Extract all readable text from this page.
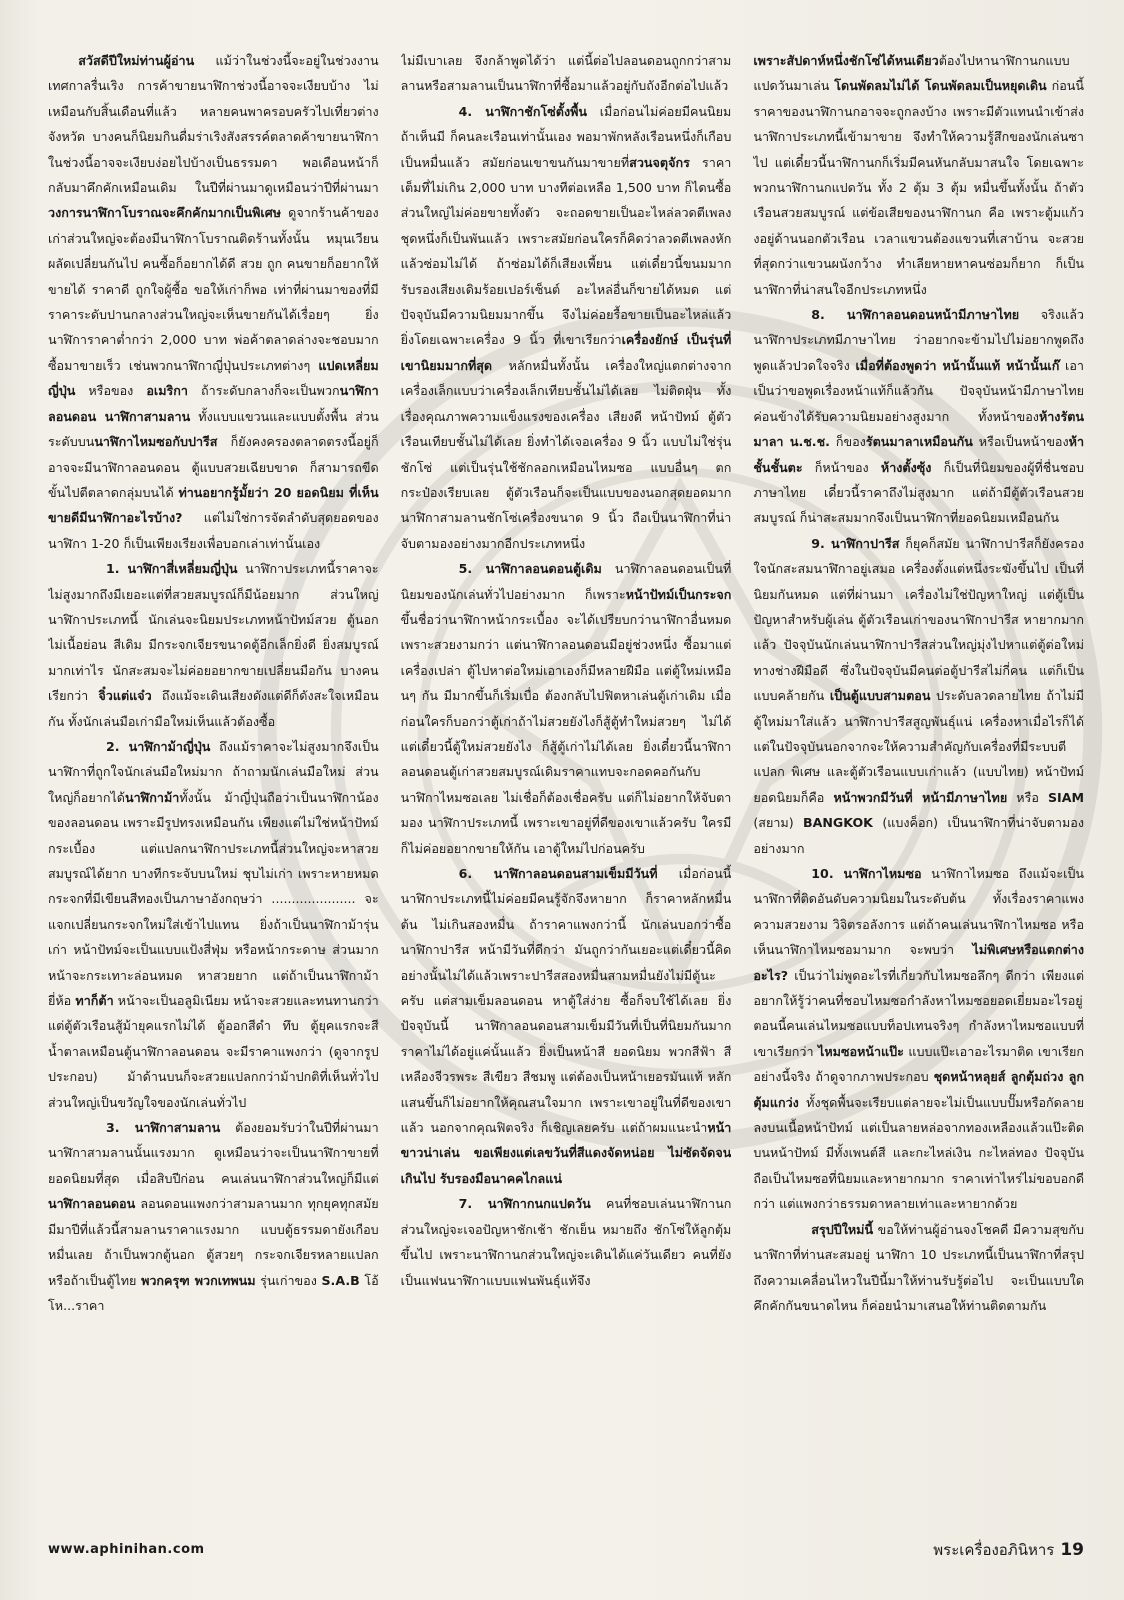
สวัสดีปีใหม่ท่านผู้อ่าน แม้ว่าในช่วงนี้จะอยู่ในช่วงงานเทศกาลรื่นเริง การค้าขายนาฬิกาช่วงนี้อาจจะเงียบบ้าง ไม่เหมือนกับสิ้นเดือนที่แล้ว หลายคนพาครอบครัวไปเที่ยวต่างจังหวัด บางคนก็นิยมกินดื่มร่าเริงสังสรรค์ตลาดค้าขายนาฬิกาในช่วงนี้อาจจะเงียบง่อยไปบ้างเป็นธรรมดา พอเดือนหน้าก็กลับมาคึกคักเหมือนเดิม ในปีที่ผ่านมาดูเหมือนว่าปีที่ผ่านมา วงการนาฬิกาโบราณจะคึกคักมากเป็นพิเศษ ดูจากร้านค้าของเก่าส่วนใหญ่จะต้องมีนาฬิกาโบราณติดร้านทั้งนั้น หมุนเวียนผลัดเปลี่ยนกันไป คนซื้อก็อยากได้ดี สวย ถูก คนขายก็อยากให้ขายได้ ราคาดี ถูกใจผู้ซื้อ ขอให้เก่าก็พอ เท่าที่ผ่านมาของที่มีราคาระดับปานกลางส่วนใหญ่จะเห็นขายกันได้เรื่อยๆ ยิ่งนาฬิการาคาต่ำกว่า 2,000 บาท พ่อค้าตลาดล่างจะชอบมาก ซื้อมาขายเร็ว เช่นพวกนาฬิกาญี่ปุ่นประเภทต่างๆ แปดเหลี่ยมญี่ปุ่น หรือของ อเมริกา ถ้าระดับกลางก็จะเป็นพวกนาฬิกาลอนดอน นาฬิกาสามลาน ทั้งแบบแขวนและแบบตั้งพื้น ส่วนระดับบนนาฬิกาไหมซอกับปารีส ก็ยังคงครองตลาดตรงนี้อยู่ก็อาจจะมีนาฬิกาลอนดอน ตู้แบบสวยเฉียบขาด ก็สามารถขีดขั้นไปตีตลาดกลุ่มบนได้ ท่านอยากรู้มั้ยว่า 20 ยอดนิยม ที่เห็นขายดีมีนาฬิกาอะไรบ้าง? แต่ไม่ใช่การจัดลำดับสุดยอดของนาฬิกา 1-20 ก็เป็นเพียงเรียงเพื่อบอกเล่าเท่านั้นเอง

1. นาฬิกาสี่เหลี่ยมญี่ปุ่น นาฬิกาประเภทนี้ราคาจะไม่สูงมากถึงมีเยอะแต่ที่สวยสมบูรณ์ก็มีน้อยมาก ส่วนใหญ่นาฬิกาประเภทนี้ นักเล่นจะนิยมประเภทหน้าปัทม์สวย ตู้นอก ไม่เนื้อย่อน สีเดิม มีกระจกเจียรขนาดตู้อีกเล็กยิ่งดี ยิ่งสมบูรณ์มากเท่าไร นักสะสมจะไม่ค่อยอยากขายเปลี่ยนมือกัน บางคนเรียกว่า จิ๋วแต่แจ๋ว ถึงแม้จะเดินเสียงดังแต่ดีก็ดังสะใจเหมือนกัน ทั้งนักเล่นมือเก่ามือใหม่เห็นแล้วต้องซื้อ

2. นาฬิกาม้าญี่ปุ่น ถึงแม้ราคาจะไม่สูงมากจึงเป็นนาฬิกาที่ถูกใจนักเล่นมือใหม่มาก ถ้าถามนักเล่นมือใหม่ ส่วนใหญ่ก็อยากได้นาฬิกาม้าทั้งนั้น ม้าญี่ปุ่นถือว่าเป็นนาฬิกาน้องของลอนดอน เพราะมีรูปทรงเหมือนกัน เพียงแต่ไม่ใช่หน้าปัทม์กระเบื้อง แต่แปลกนาฬิกาประเภทนี้ส่วนใหญ่จะหาสวยสมบูรณ์ได้ยาก บางทีกระจับบนใหม่ ชุบไม่เก่า เพราะหายหมด กระจกที่มีเขียนสีทองเป็นภาษาอังกฤษว่า ..................... จะแจกเปลี่ยนกระจกใหม่ใส่เข้าไปแทน ยิ่งถ้าเป็นนาฬิกาม้ารุ่นเก่า หน้าปัทม์จะเป็นแบบแป้งสี่ฟุ่ม หรือหน้ากระดาษ ส่วนมากหน้าจะกระเทาะล่อนหมด หาสวยยาก แต่ถ้าเป็นนาฬิกาม้ายี่ห้อ ทาก็ต้า หน้าจะเป็นอลูมิเนียม หน้าจะสวยและทนทานกว่า แต่ตู้ตัวเรือนสู้ม้ายุคแรกไม่ได้ ตู้ออกสีดำ ทึบ ตู้ยุคแรกจะสีน้ำตาลเหมือนตู้นาฬิกาลอนดอน จะมีราคาแพงกว่า (ดูจากรูปประกอบ) ม้าด้านบนก็จะสวยแปลกกว่าม้าปกติที่เห็นทั่วไป ส่วนใหญ่เป็นขวัญใจของนักเล่นทั่วไป

3. นาฬิกาสามลาน ต้องยอมรับว่าในปีที่ผ่านมา นาฬิกาสามลานนั้นแรงมาก ดูเหมือนว่าจะเป็นนาฬิกาขายที่ยอดนิยมที่สุด เมื่อสิบปีก่อน คนเล่นนาฬิกาส่วนใหญ่ก็มีแต่นาฬิกาลอนดอน ลอนดอนแพงกว่าสามลานมาก ทุกยุคทุกสมัย มีมาปีที่แล้วนี้สามลานราคาแรงมาก แบบตู้ธรรมดายังเกือบหมื่นเลย ถ้าเป็นพวกตู้นอก ตู้สวยๆ กระจกเจียรหลายแปลก หรือถ้าเป็นตู้ไทย พวกครุฑ พวกเทพนม รุ่นเก่าของ S.A.B โอ้โห...ราคา

ไม่มีเบาเลย จึงกล้าพูดได้ว่า แต่นี้ต่อไปลอนดอนถูกกว่าสามลานหรือสามลานเป็นนาฬิกาที่ซื้อมาแล้วอยู่กับถังอีกต่อไปแล้ว

4. นาฬิกาชักโซ่ตั้งพื้น เมื่อก่อนไม่ค่อยมีคนนิยม ถ้าเห็นมี ก็คนละเรือนเท่านั้นเอง พอมาพักหลังเรือนหนึ่งก็เกือบเป็นหมื่นแล้ว สมัยก่อนเขาขนกันมาขายที่สวนจตุจักร ราคาเต็มที่ไม่เกิน 2,000 บาท บางทีต่อเหลือ 1,500 บาท ก็ไดนซื้อ ส่วนใหญ่ไม่ค่อยขายทั้งตัว จะถอดขายเป็นอะไหล่ลวดตีเพลงชุดหนึ่งก็เป็นพันแล้ว เพราะสมัยก่อนใครก็คิดว่าลวดตีเพลงหักแล้วซ่อมไม่ได้ ถ้าซ่อมได้ก็เสียงเพี้ยน แต่เดี๋ยวนี้ขนมมาก รับรองเสียงเดิมร้อยเปอร์เซ็นต์ อะไหล่อื่นก็ขายได้หมด แต่ปัจจุบันมีความนิยมมากขึ้น จึงไม่ค่อยรื้อขายเป็นอะไหล่แล้ว ยิ่งโดยเฉพาะเครื่อง 9 นิ้ว ที่เขาเรียกว่าเครื่องยักษ์ เป็นรุ่นที่เขานิยมมากที่สุด หลักหมื่นทั้งนั้น เครื่องใหญ่แตกต่างจากเครื่องเล็กแบบว่าเครื่องเล็กเทียบชั้นไม่ได้เลย ไม่ติดฝุ่น ทั้งเรื่องคุณภาพความแข็งแรงของเครื่อง เสียงดี หน้าปัทม์ ตู้ตัวเรือนเทียบชั้นไม่ได้เลย ยิ่งทำได้เจอเครื่อง 9 นิ้ว แบบไม่ใช่รุ่นชักโซ่ แต่เป็นรุ่นใช้ชักลอกเหมือนไหมซอ แบบอื่นๆ ตกกระป๋องเรียบเลย ตู้ตัวเรือนก็จะเป็นแบบของนอกสุดยอดมาก นาฬิกาสามลานชักโซ่เครื่องขนาด 9 นิ้ว ถือเป็นนาฬิกาที่น่าจับตามองอย่างมากอีกประเภทหนึ่ง

5. นาฬิกาลอนดอนตู้เดิม นาฬิกาลอนดอนเป็นที่นิยมของนักเล่นทั่วไปอย่างมาก ก็เพราะหน้าปัทม์เป็นกระจก ขึ้นชื่อว่านาฬิกาหน้ากระเบื้อง จะได้เปรียบกว่านาฬิกาอื่นหมด เพราะสวยงามกว่า แต่นาฬิกาลอนดอนมีอยู่ช่วงหนึ่ง ซื้อมาแต่เครื่องเปล่า ตู้ไปหาต่อใหม่เอาเองก็มีหลายฝีมือ แต่ตู้ใหม่เหมือนๆ กัน มีมากขึ้นก็เริ่มเบื่อ ต้องกลับไปฟิตหาเล่นตู้เก่าเดิม เมื่อก่อนใครก็บอกว่าตู้เก่าถ้าไม่สวยยังไงก็สู้ตู้ทำใหม่สวยๆ ไม่ได้ แต่เดี๋ยวนี้ตู้ใหม่สวยยังไง ก็สู้ตู้เก่าไม่ได้เลย ยิ่งเดี๋ยวนี้นาฬิกาลอนดอนตู้เก่าสวยสมบูรณ์เดิมราคาแทบจะกอดคอกันกับนาฬิกาไหมซอเลย ไม่เชื่อก็ต้องเชื่อครับ แต่ก็ไม่อยากให้จับตามอง นาฬิกาประเภทนี้ เพราะเขาอยู่ที่ดีของเขาแล้วครับ ใครมีก็ไม่ค่อยอยากขายให้กัน เอาตู้ใหม่ไปก่อนครับ

6. นาฬิกาลอนดอนสามเข็มมีวันที่ เมื่อก่อนนี้ นาฬิกาประเภทนี้ไม่ค่อยมีคนรู้จักจึงหายาก ก็ราคาหลักหมื่นต้น ไม่เกินสองหมื่น ถ้าราคาแพงกว่านี้ นักเล่นบอกว่าซื้อนาฬิกาปารีส หน้ามีวันที่ดีกว่า มันถูกว่ากันเยอะแต่เดี๋ยวนี้คิดอย่างนั้นไม่ได้แล้วเพราะปารีสสองหมื่นสามหมื่นยังไม่มีตู้นะครับ แต่สามเข็มลอนดอน หาตู้ใส่ง่าย ซื้อก็จบใช้ได้เลย ยิ่งปัจจุบันนี้ นาฬิกาลอนดอนสามเข็มมีวันที่เป็นที่นิยมกันมากราคาไม่ได้อยู่แค่นั้นแล้ว ยิ่งเป็นหน้าสี ยอดนิยม พวกสีฟ้า สีเหลืองจีวรพระ สีเขียว สีชมพู แต่ต้องเป็นหน้าเยอรมันแท้ หลักแสนขึ้นก็ไม่อยากให้คุณสนใจมาก เพราะเขาอยู่ในที่ดีของเขาแล้ว นอกจากคุณฟิตจริง ก็เชิญเลยครับ แต่ถ้าผมแนะนำหน้าขาวน่าเล่น ขอเพียงแต่เลขวันที่สีแดงจัดหน่อย ไม่ซัดจัดจนเกินไป รับรองมือนาคคไกลแน่

7. นาฬิกากนกแปดวัน คนที่ชอบเล่นนาฬิกานก ส่วนใหญ่จะเจอปัญหาชักเช้า ชักเย็น หมายถึง ชักโซ่ให้ลูกตุ้มขึ้นไป เพราะนาฬิกานกส่วนใหญ่จะเดินได้แค่วันเดียว คนที่ยังเป็นแฟนนาฬิกาแบบแฟนพันธุ์แท้จึง

เพราะสัปดาห์หนึ่งชักโซ่ได้หนเดียวต้องไปหานาฬิกานกแบบแปดวันมาเล่น โดนพัดลมไม่ได้ โดนพัดลมเป็นหยุดเดิน ก่อนนี้ราคาของนาฬิกานกอาจจะถูกลงบ้าง เพราะมีตัวแทนนำเข้าส่งนาฬิกาประเภทนี้เข้ามาขาย จึงทำให้ความรู้สึกของนักเล่นซาไป แต่เดี๋ยวนี้นาฬิกานกก็เริ่มมีคนหันกลับมาสนใจ โดยเฉพาะพวกนาฬิกานกแปดวัน ทั้ง 2 ตุ้ม 3 ตุ้ม หมื่นขึ้นทั้งนั้น ถ้าตัวเรือนสวยสมบูรณ์ แต่ข้อเสียของนาฬิกานก คือ เพราะตู้มแก้วงอยู่ด้านนอกตัวเรือน เวลาแขวนต้องแขวนที่เสาบ้าน จะสวยที่สุดกว่าแขวนผนังกว้าง ทำเลียหายหาคนซ่อมก็ยาก ก็เป็นนาฬิกาที่น่าสนใจอีกประเภทหนึ่ง

8. นาฬิกาลอนดอนหน้ามีภาษาไทย จริงแล้ว นาฬิกาประเภทมีภาษาไทย ว่าอยากจะข้ามไปไม่อยากพูดถึง พูดแล้วปวดใจจริง เมื่อที่ต้องพูดว่า หน้านั้นแท้ หน้านั้นเก๊ เอาเป็นว่าขอพูดเรื่องหน้าแท้ก็แล้วกัน ปัจจุบันหน้ามีภาษาไทยค่อนข้างได้รับความนิยมอย่างสูงมาก ทั้งหน้าของห้างรัตนมาลา น.ช.ช. ก็ของรัตนมาลาเหมือนกัน หรือเป็นหน้าของห้าชั้นชั้นตะ ก็หน้าของ ห้างตั้งซุ้ง ก็เป็นที่นิยมของผู้ที่ชื่นชอบภาษาไทย เดี๋ยวนี้ราคาถึงไม่สูงมาก แต่ถ้ามีตู้ตัวเรือนสวยสมบูรณ์ ก็น่าสะสมมากจึงเป็นนาฬิกาที่ยอดนิยมเหมือนกัน

9. นาฬิกาปารีส ก็ยุคก็สมัย นาฬิกาปารีสก็ยังครองใจนักสะสมนาฬิกาอยู่เสมอ เครื่องตั้งแต่หนึ่งระฆังขึ้นไป เป็นที่นิยมกันหมด แต่ที่ผ่านมา เครื่องไม่ใช่ปัญหาใหญ่ แต่ตู้เป็นปัญหาสำหรับผู้เล่น ตู้ตัวเรือนเก่าของนาฬิกาปารีส หายากมากแล้ว ปัจจุบันนักเล่นนาฬิกาปารีสส่วนใหญ่มุ่งไปหาแต่ตู้ต่อใหม่ทางช่างฝีมือดี ซึ่งในปัจจุบันมีคนต่อตู้ปารีสไม่กี่คน แต่ก็เป็นแบบคล้ายกัน เป็นตู้แบบสามตอน ประดับลวดลายไทย ถ้าไม่มีตู้ใหม่มาใส่แล้ว นาฬิกาปารีสสูญพันธุ์แน่ เครื่องหาเมื่อไรก็ได้ แต่ในปัจจุบันนอกจากจะให้ความสำคัญกับเครื่องที่มีระบบตีแปลก พิเศษ และตู้ตัวเรือนแบบเก่าแล้ว (แบบไทย) หน้าปัทม์ยอดนิยมก็คือ หน้าพวกมีวันที่ หน้ามีภาษาไทย หรือ SIAM (สยาม) BANGKOK (แบงค็อก) เป็นนาฬิกาที่น่าจับตามองอย่างมาก

10. นาฬิกาไหมซอ นาฬิกาไหมซอ ถึงแม้จะเป็นนาฬิกาที่ติดอันดับความนิยมในระดับต้น ทั้งเรื่องราคาแพงความสวยงาม วิจิตรอลังการ แต่ถ้าคนเล่นนาฬิกาไหมซอ หรือเห็นนาฬิกาไหมซอมามาก จะพบว่า ไม่พิเศษหรือแตกต่างอะไร? เป็นว่าไม่พูดอะไรที่เกี่ยวกับไหมซอลึกๆ ดีกว่า เพียงแต่อยากให้รู้ว่าคนที่ชอบไหมซอกำลังหาไหมซอยอดเยี่ยมอะไรอยู่ ตอนนี้คนเล่นไหมซอแบบท็อปเทนจริงๆ กำลังหาไหมซอแบบที่เขาเรียกว่า ไหมซอหน้าแป๊ะ แบบแป๊ะเอาอะไรมาติด เขาเรียกอย่างนี้จริง ถ้าดูจากภาพประกอบ ชุดหน้าหลุยส์ ลูกตุ้มถ่วง ลูกตุ้มแกว่ง ทั้งชุดพื้นจะเรียบแต่ลายจะไม่เป็นแบบปั๊มหรือกัดลายลงบนเนื้อหน้าปัทม์ แต่เป็นลายหล่อจากทองเหลืองแล้วแป๊ะติดบนหน้าปัทม์ มีทั้งเพนต์สี และกะไหล่เงิน กะไหล่ทอง ปัจจุบันถือเป็นไหมซอที่นิยมและหายากมาก ราคาเท่าไหร่ไม่ขอบอกดีกว่า แต่แพงกว่าธรรมดาหลายเท่าและหายากด้วย

สรุปปีใหม่นี้ ขอให้ท่านผู้อ่านจงโชคดี มีความสุขกับนาฬิกาที่ท่านสะสมอยู่ นาฬิกา 10 ประเภทนี้เป็นนาฬิกาที่สรุปถึงความเคลื่อนไหวในปีนี้มาให้ท่านรับรู้ต่อไป จะเป็นแบบใด คึกคักกันขนาดไหน ก็ค่อยนำมาเสนอให้ท่านติดตามกัน

www.aphinihan.com	พระเครื่องอภินิหาร 19
